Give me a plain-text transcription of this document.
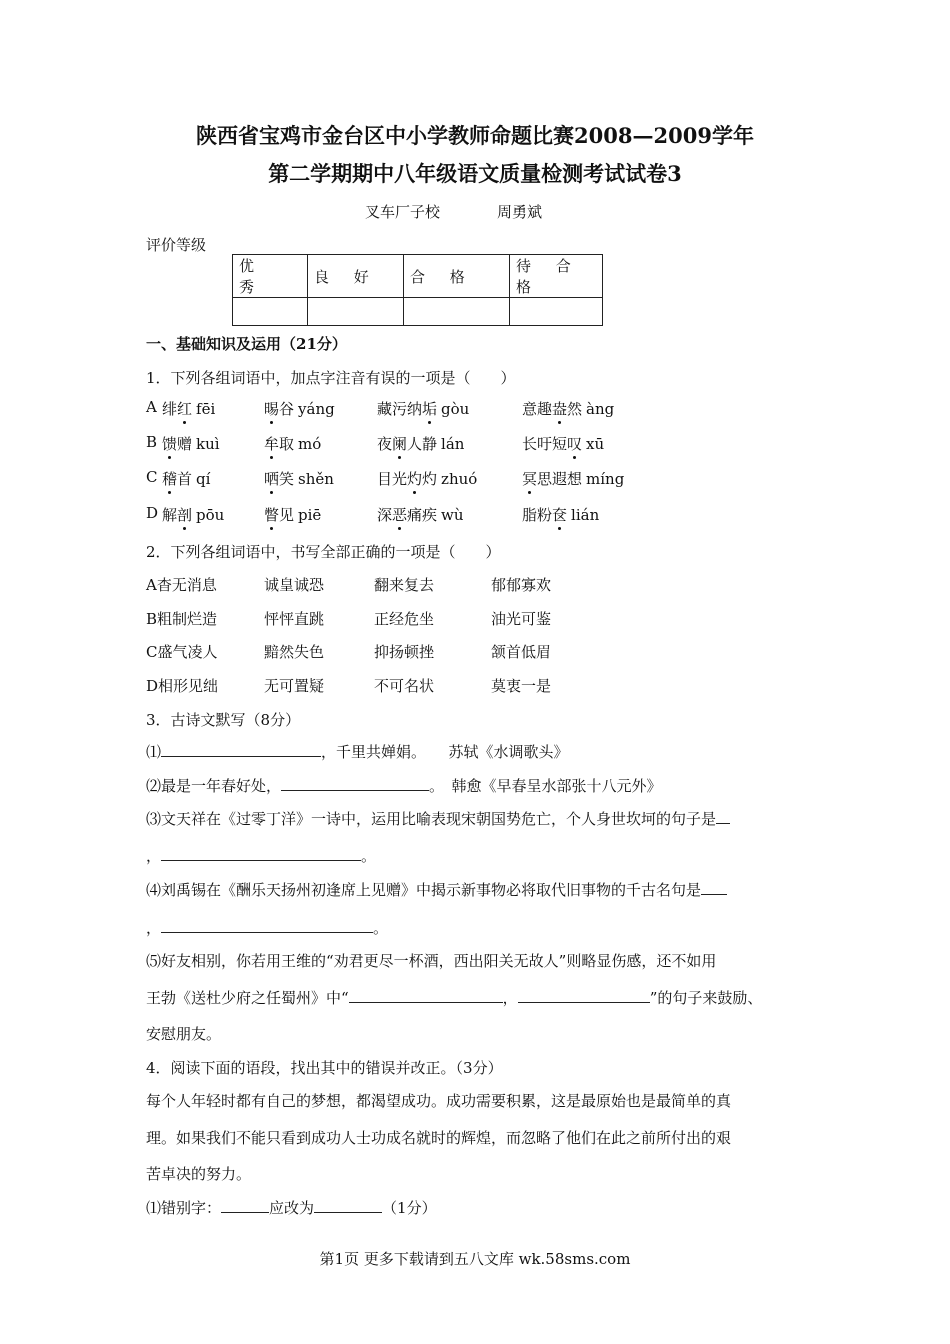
陕西省宝鸡市金台区中小学教师命题比赛2008—2009学年
第二学期期中八年级语文质量检测考试试卷3
叉车厂子校	周勇斌
评价等级
优 秀	良 好	合 格	待 合 格

一、基础知识及运用（21分）
1．下列各组词语中，加点字注音有误的一项是（　　）
A 绯红 fēi	晹谷 yáng	藏污纳垢 gòu	意趣盎然 àng
B 馈赠 kuì	牟取 mó	夜阑人静 lán	长吁短叹 xū
C 稽首 qí	哂笑 shěn	目光灼灼 zhuó	冥思遐想 míng
D 解剖 pōu	瞥见 piē	深恶痛疾 wù	脂粉奁 lián
2．下列各组词语中，书写全部正确的一项是（　　）
A杳无消息	诚皇诚恐	翻来复去	郁郁寡欢
B粗制烂造	怦怦直跳	正经危坐	油光可鉴
C盛气凌人	黯然失色	抑扬顿挫	颔首低眉
D相形见绌	无可置疑	不可名状	莫衷一是
3．古诗文默写（8分）
⑴	，千里共婵娟。　　苏轼《水调歌头》
⑵最是一年春好处，	。　韩愈《早春呈水部张十八元外》
⑶文天祥在《过零丁洋》一诗中，运用比喻表现宋朝国势危亡，个人身世坎坷的句子是
，	。
⑷刘禹锡在《酬乐天扬州初逢席上见赠》中揭示新事物必将取代旧事物的千古名句是
，	。
⑸好友相别，你若用王维的“劝君更尽一杯酒，西出阳关无故人”则略显伤感，还不如用
王勃《送杜少府之任蜀州》中“	，	”的句子来鼓励、
安慰朋友。
4．阅读下面的语段，找出其中的错误并改正。（3分）
每个人年轻时都有自己的梦想，都渴望成功。成功需要积累，这是最原始也是最简单的真
理。如果我们不能只看到成功人士功成名就时的辉煌，而忽略了他们在此之前所付出的艰
苦卓决的努力。
⑴错别字：	应改为	（1分）
第1页 更多下载请到五八文库 wk.58sms.com
